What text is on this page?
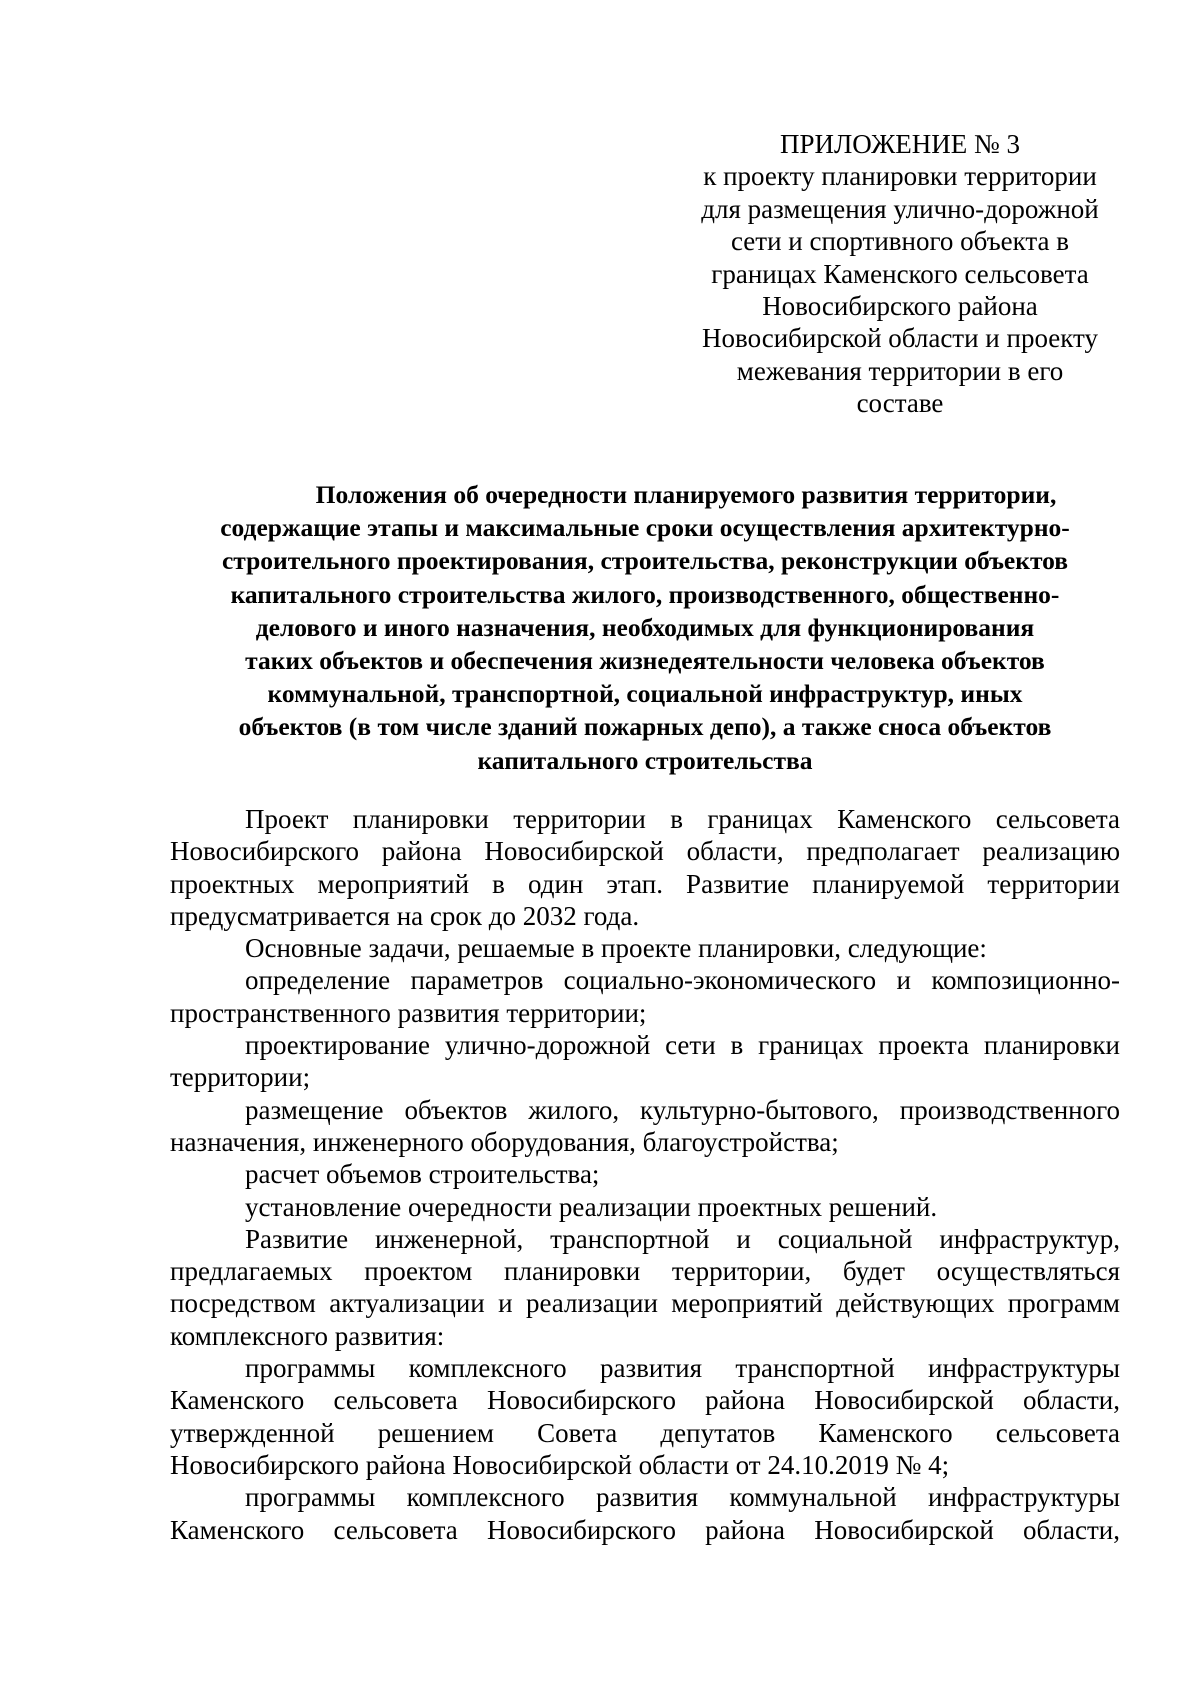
ПРИЛОЖЕНИЕ № 3
к проекту планировки территории
для размещения улично-дорожной
сети и спортивного объекта в
границах Каменского сельсовета
Новосибирского района
Новосибирской области и проекту
межевания территории в его
составе
Положения об очередности планируемого развития территории,
содержащие этапы и максимальные сроки осуществления архитектурно-
строительного проектирования, строительства, реконструкции объектов
капитального строительства жилого, производственного, общественно-
делового и иного назначения, необходимых для функционирования
таких объектов и обеспечения жизнедеятельности человека объектов
коммунальной, транспортной, социальной инфраструктур, иных
объектов (в том числе зданий пожарных депо), а также сноса объектов
капитального строительства
Проект планировки территории в границах Каменского сельсовета
Новосибирского района Новосибирской области, предполагает реализацию
проектных мероприятий в один этап. Развитие планируемой территории
предусматривается на срок до 2032 года.
Основные задачи, решаемые в проекте планировки, следующие:
определение параметров социально-экономического и композиционно-
пространственного развития территории;
проектирование улично-дорожной сети в границах проекта планировки
территории;
размещение объектов жилого, культурно-бытового, производственного
назначения, инженерного оборудования, благоустройства;
расчет объемов строительства;
установление очередности реализации проектных решений.
Развитие инженерной, транспортной и социальной инфраструктур,
предлагаемых проектом планировки территории, будет осуществляться
посредством актуализации и реализации мероприятий действующих программ
комплексного развития:
программы комплексного развития транспортной инфраструктуры
Каменского сельсовета Новосибирского района Новосибирской области,
утвержденной решением Совета депутатов Каменского сельсовета
Новосибирского района Новосибирской области от 24.10.2019 № 4;
программы комплексного развития коммунальной инфраструктуры
Каменского сельсовета Новосибирского района Новосибирской области,
